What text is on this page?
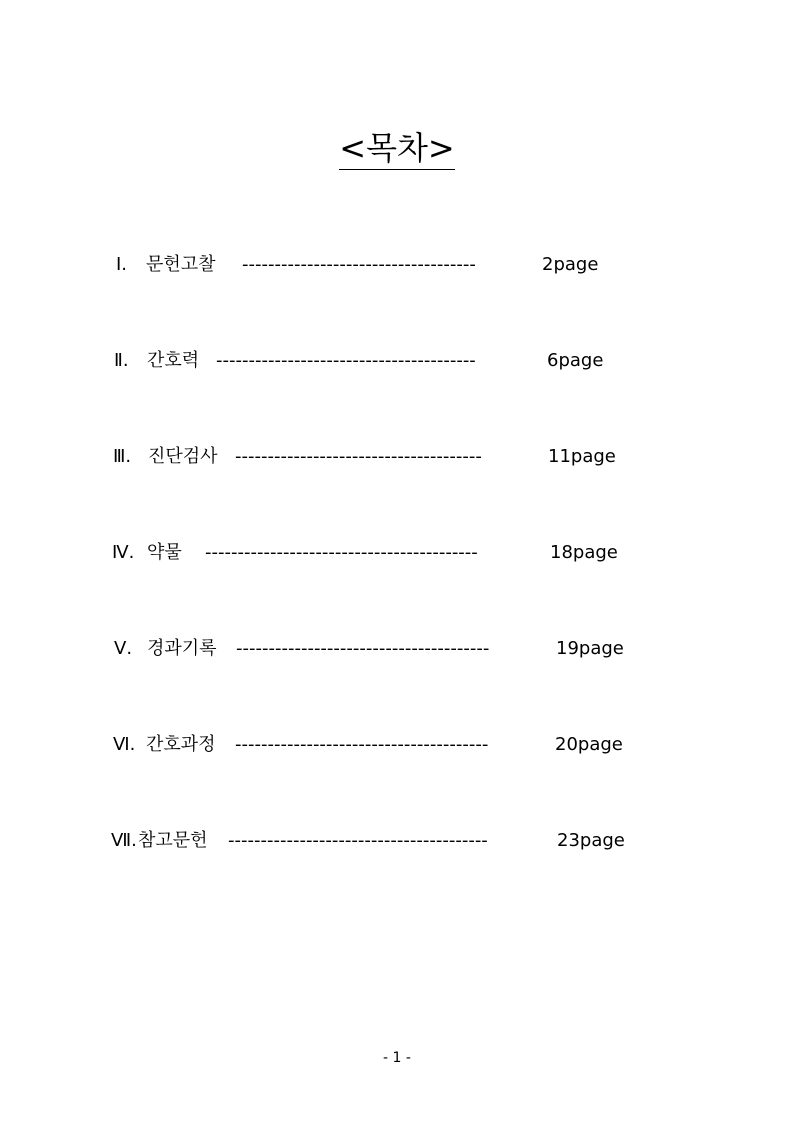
<목차>
Ⅰ. 문헌고찰 ------------------------------------	2page
Ⅱ. 간호력 ----------------------------------------	6page
Ⅲ. 진단검사 --------------------------------------	11page
Ⅳ. 약물 ------------------------------------------	18page
Ⅴ. 경과기록 ---------------------------------------	19page
Ⅵ. 간호과정 ---------------------------------------	20page
Ⅶ. 참고문헌 ----------------------------------------	23page
- 1 -
